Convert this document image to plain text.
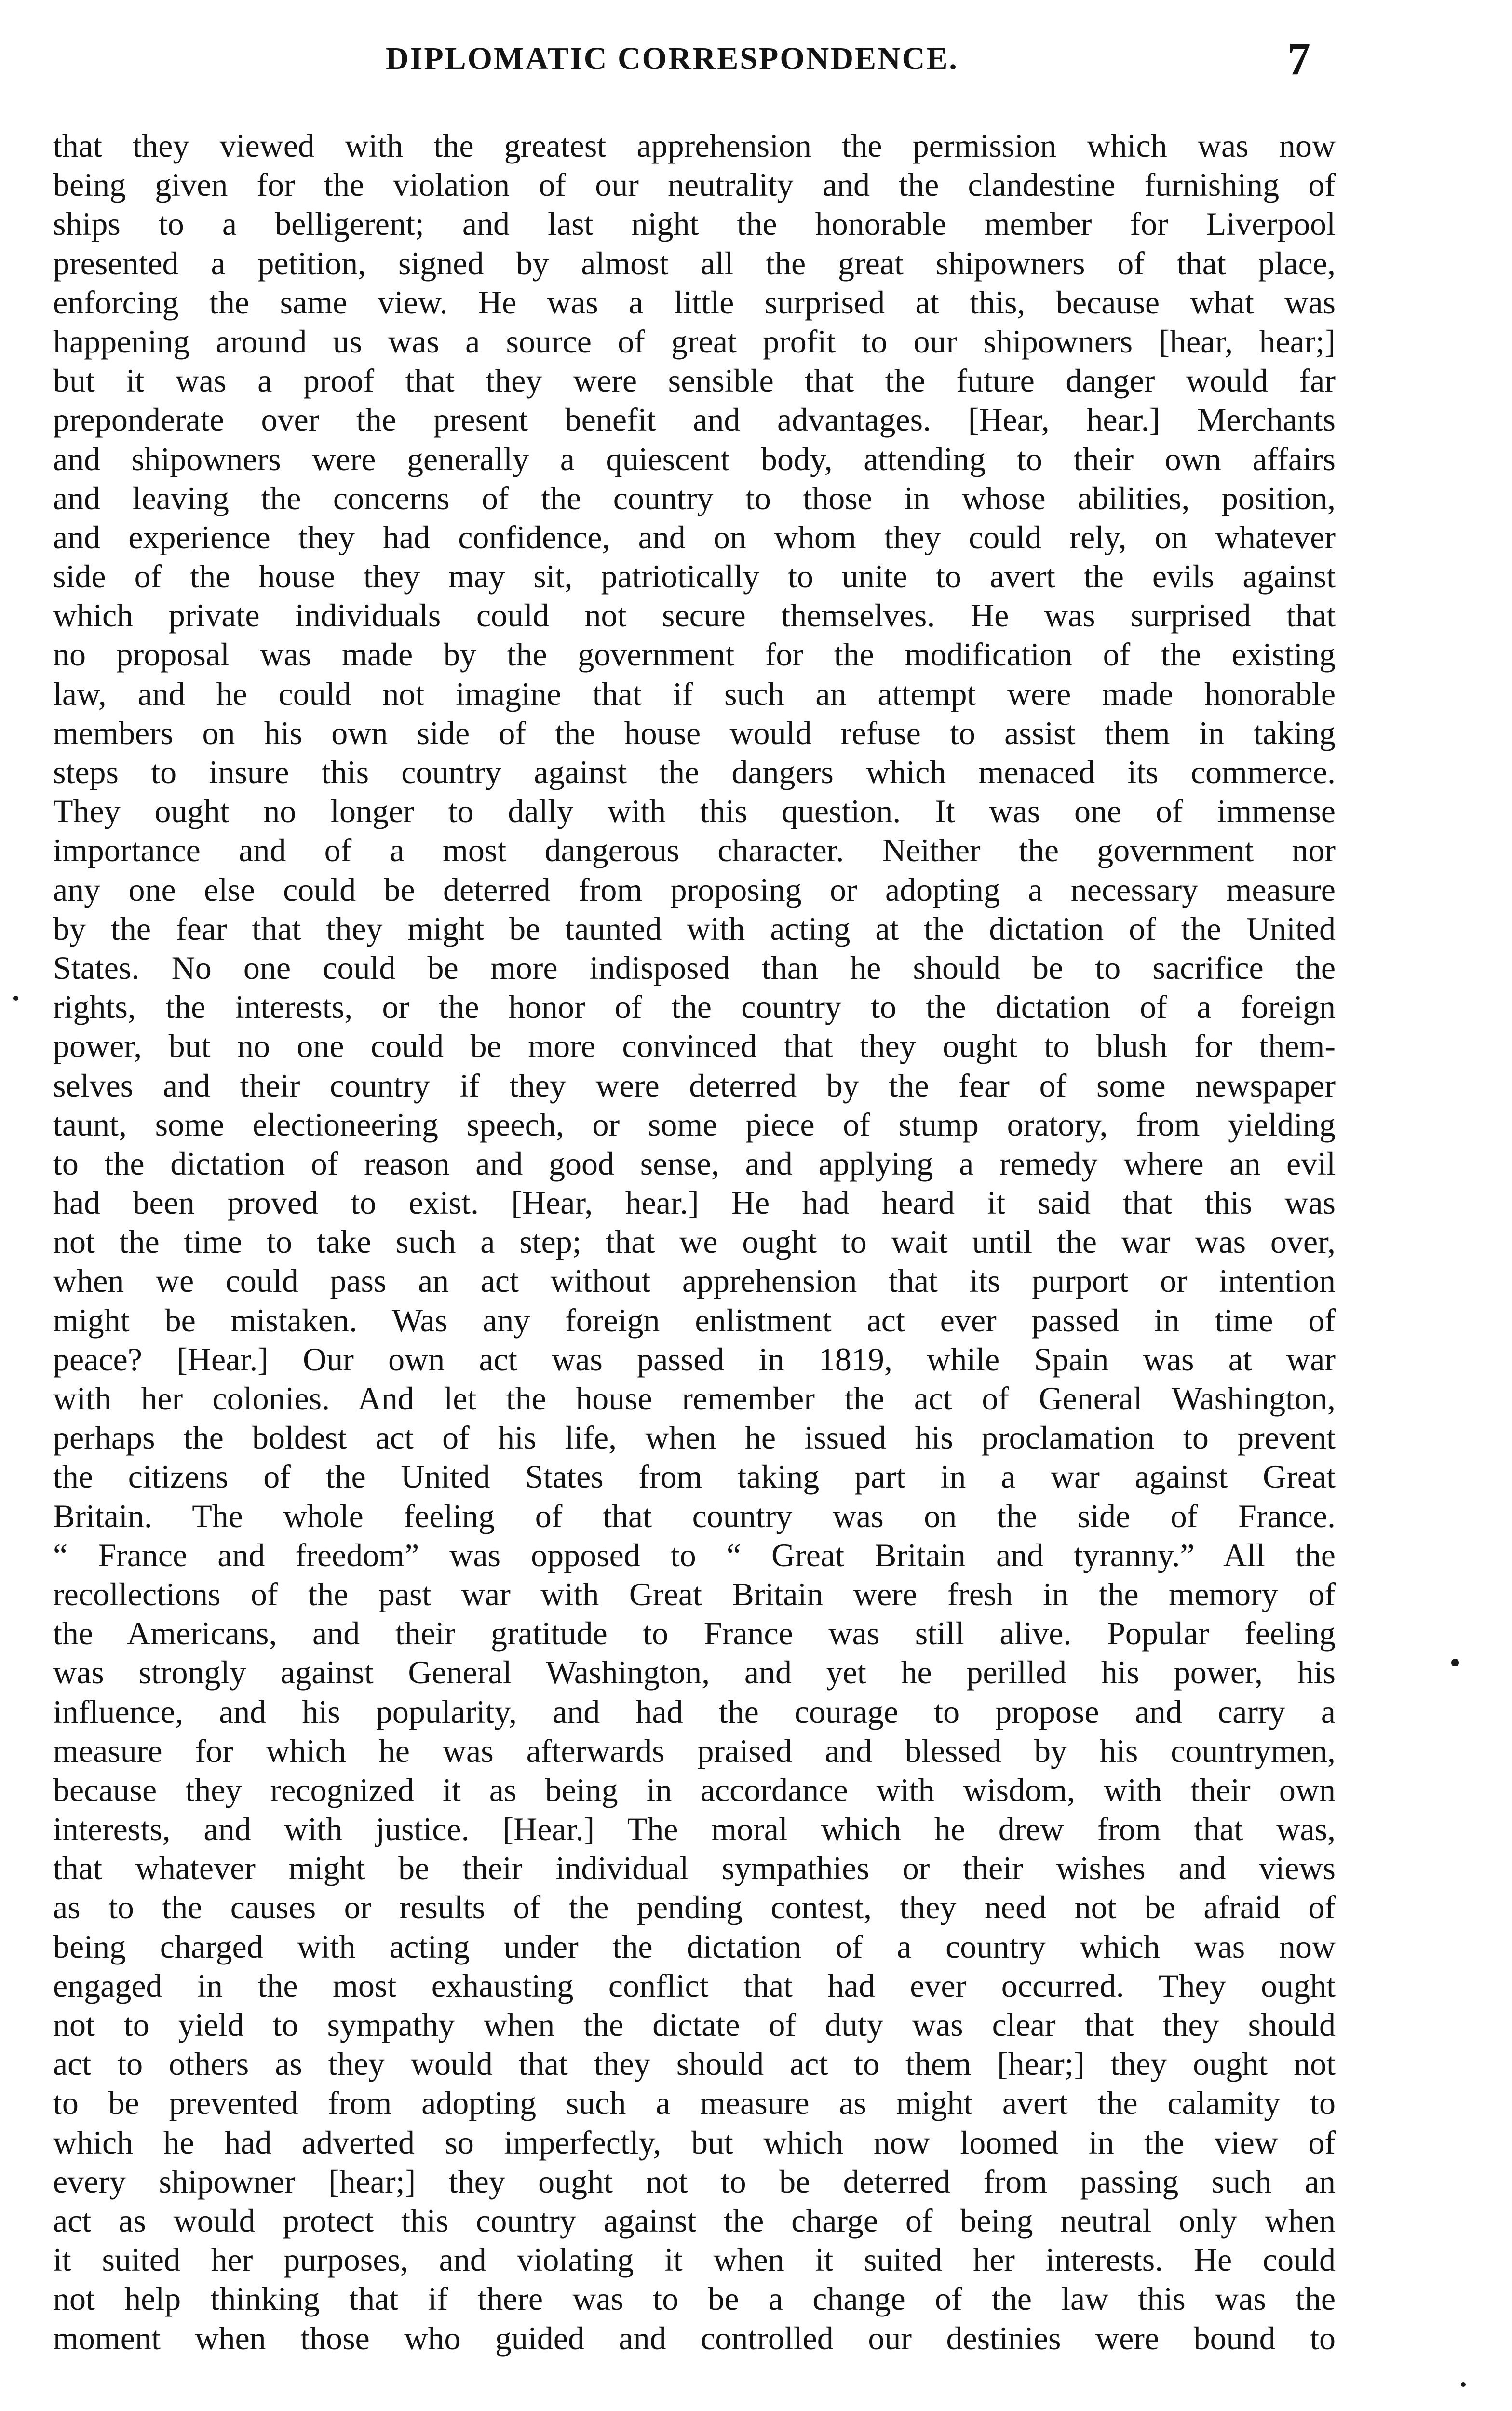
DIPLOMATIC CORRESPONDENCE.	7
that they viewed with the greatest apprehension the permission which was now
being given for the violation of our neutrality and the clandestine furnishing of
ships to a belligerent; and last night the honorable member for Liverpool
presented a petition, signed by almost all the great shipowners of that place,
enforcing the same view. He was a little surprised at this, because what was
happening around us was a source of great profit to our shipowners [hear, hear;]
but it was a proof that they were sensible that the future danger would far
preponderate over the present benefit and advantages. [Hear, hear.] Merchants
and shipowners were generally a quiescent body, attending to their own affairs
and leaving the concerns of the country to those in whose abilities, position,
and experience they had confidence, and on whom they could rely, on whatever
side of the house they may sit, patriotically to unite to avert the evils against
which private individuals could not secure themselves. He was surprised that
no proposal was made by the government for the modification of the existing
law, and he could not imagine that if such an attempt were made honorable
members on his own side of the house would refuse to assist them in taking
steps to insure this country against the dangers which menaced its commerce.
They ought no longer to dally with this question. It was one of immense
importance and of a most dangerous character. Neither the government nor
any one else could be deterred from proposing or adopting a necessary measure
by the fear that they might be taunted with acting at the dictation of the United
States. No one could be more indisposed than he should be to sacrifice the
rights, the interests, or the honor of the country to the dictation of a foreign
power, but no one could be more convinced that they ought to blush for them-
selves and their country if they were deterred by the fear of some newspaper
taunt, some electioneering speech, or some piece of stump oratory, from yielding
to the dictation of reason and good sense, and applying a remedy where an evil
had been proved to exist. [Hear, hear.] He had heard it said that this was
not the time to take such a step; that we ought to wait until the war was over,
when we could pass an act without apprehension that its purport or intention
might be mistaken. Was any foreign enlistment act ever passed in time of
peace? [Hear.] Our own act was passed in 1819, while Spain was at war
with her colonies. And let the house remember the act of General Washington,
perhaps the boldest act of his life, when he issued his proclamation to prevent
the citizens of the United States from taking part in a war against Great
Britain. The whole feeling of that country was on the side of France.
“ France and freedom” was opposed to “ Great Britain and tyranny.” All the
recollections of the past war with Great Britain were fresh in the memory of
the Americans, and their gratitude to France was still alive. Popular feeling
was strongly against General Washington, and yet he perilled his power, his
influence, and his popularity, and had the courage to propose and carry a
measure for which he was afterwards praised and blessed by his countrymen,
because they recognized it as being in accordance with wisdom, with their own
interests, and with justice. [Hear.] The moral which he drew from that was,
that whatever might be their individual sympathies or their wishes and views
as to the causes or results of the pending contest, they need not be afraid of
being charged with acting under the dictation of a country which was now
engaged in the most exhausting conflict that had ever occurred. They ought
not to yield to sympathy when the dictate of duty was clear that they should
act to others as they would that they should act to them [hear;] they ought not
to be prevented from adopting such a measure as might avert the calamity to
which he had adverted so imperfectly, but which now loomed in the view of
every shipowner [hear;] they ought not to be deterred from passing such an
act as would protect this country against the charge of being neutral only when
it suited her purposes, and violating it when it suited her interests. He could
not help thinking that if there was to be a change of the law this was the
moment when those who guided and controlled our destinies were bound to
